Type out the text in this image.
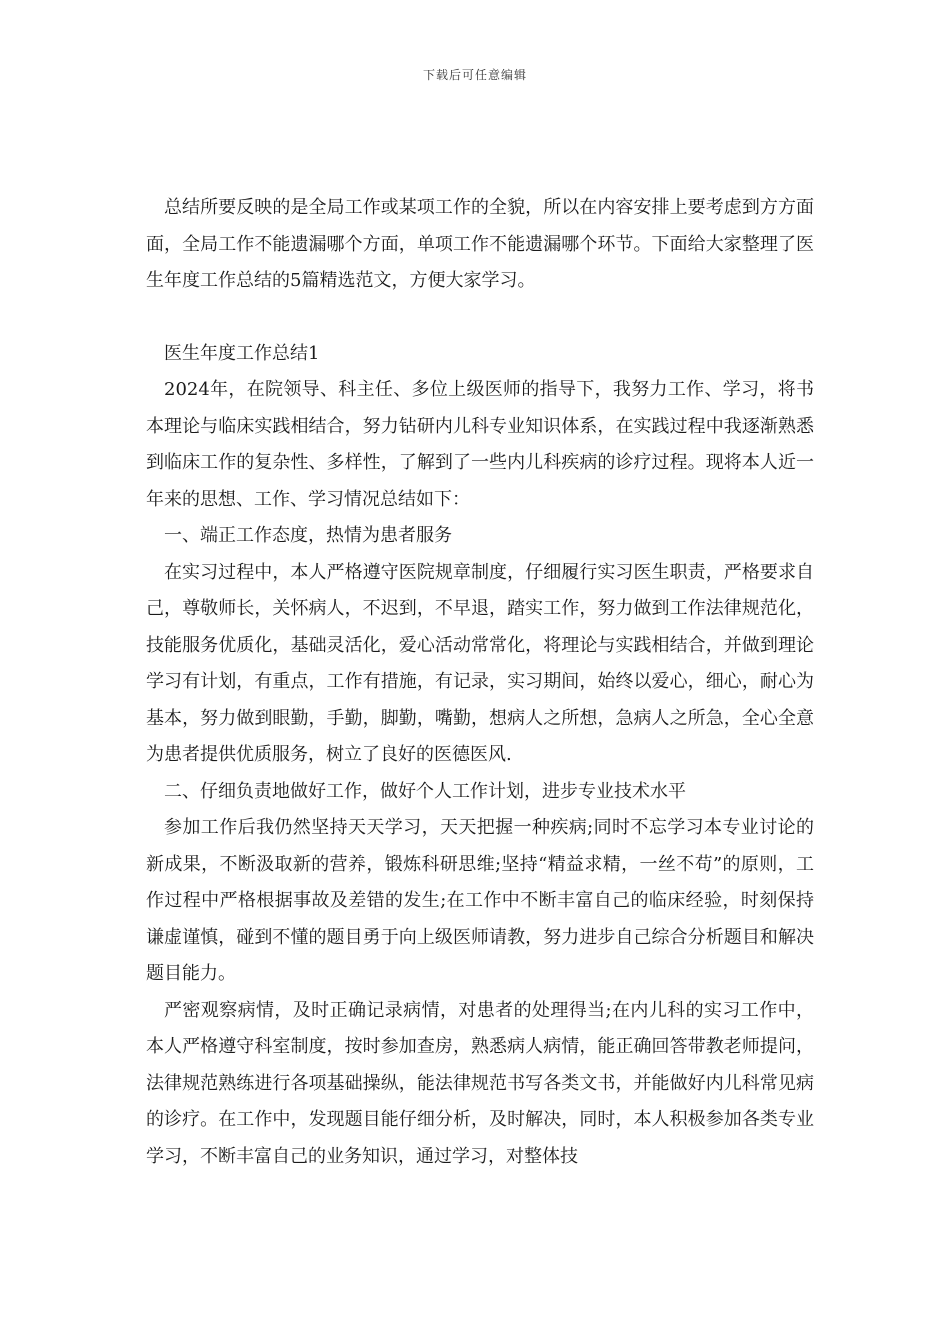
下载后可任意编辑

总结所要反映的是全局工作或某项工作的全貌，所以在内容安排上要考虑到方方面面，全局工作不能遗漏哪个方面，单项工作不能遗漏哪个环节。下面给大家整理了医生年度工作总结的5篇精选范文，方便大家学习。

医生年度工作总结1

2024年，在院领导、科主任、多位上级医师的指导下，我努力工作、学习，将书本理论与临床实践相结合，努力钻研内儿科专业知识体系，在实践过程中我逐渐熟悉到临床工作的复杂性、多样性，了解到了一些内儿科疾病的诊疗过程。现将本人近一年来的思想、工作、学习情况总结如下：

一、端正工作态度，热情为患者服务

在实习过程中，本人严格遵守医院规章制度，仔细履行实习医生职责，严格要求自己，尊敬师长，关怀病人，不迟到，不早退，踏实工作，努力做到工作法律规范化，技能服务优质化，基础灵活化，爱心活动常常化，将理论与实践相结合，并做到理论学习有计划，有重点，工作有措施，有记录，实习期间，始终以爱心，细心，耐心为基本，努力做到眼勤，手勤，脚勤，嘴勤，想病人之所想，急病人之所急，全心全意为患者提供优质服务，树立了良好的医德医风.

二、仔细负责地做好工作，做好个人工作计划，进步专业技术水平

参加工作后我仍然坚持天天学习，天天把握一种疾病;同时不忘学习本专业讨论的新成果，不断汲取新的营养，锻炼科研思维;坚持“精益求精，一丝不苟”的原则，工作过程中严格根据事故及差错的发生;在工作中不断丰富自己的临床经验，时刻保持谦虚谨慎，碰到不懂的题目勇于向上级医师请教，努力进步自己综合分析题目和解决题目能力。

严密观察病情，及时正确记录病情，对患者的处理得当;在内儿科的实习工作中，本人严格遵守科室制度，按时参加查房，熟悉病人病情，能正确回答带教老师提问，法律规范熟练进行各项基础操纵，能法律规范书写各类文书，并能做好内儿科常见病的诊疗。在工作中，发现题目能仔细分析，及时解决，同时，本人积极参加各类专业学习，不断丰富自己的业务知识，通过学习，对整体技
